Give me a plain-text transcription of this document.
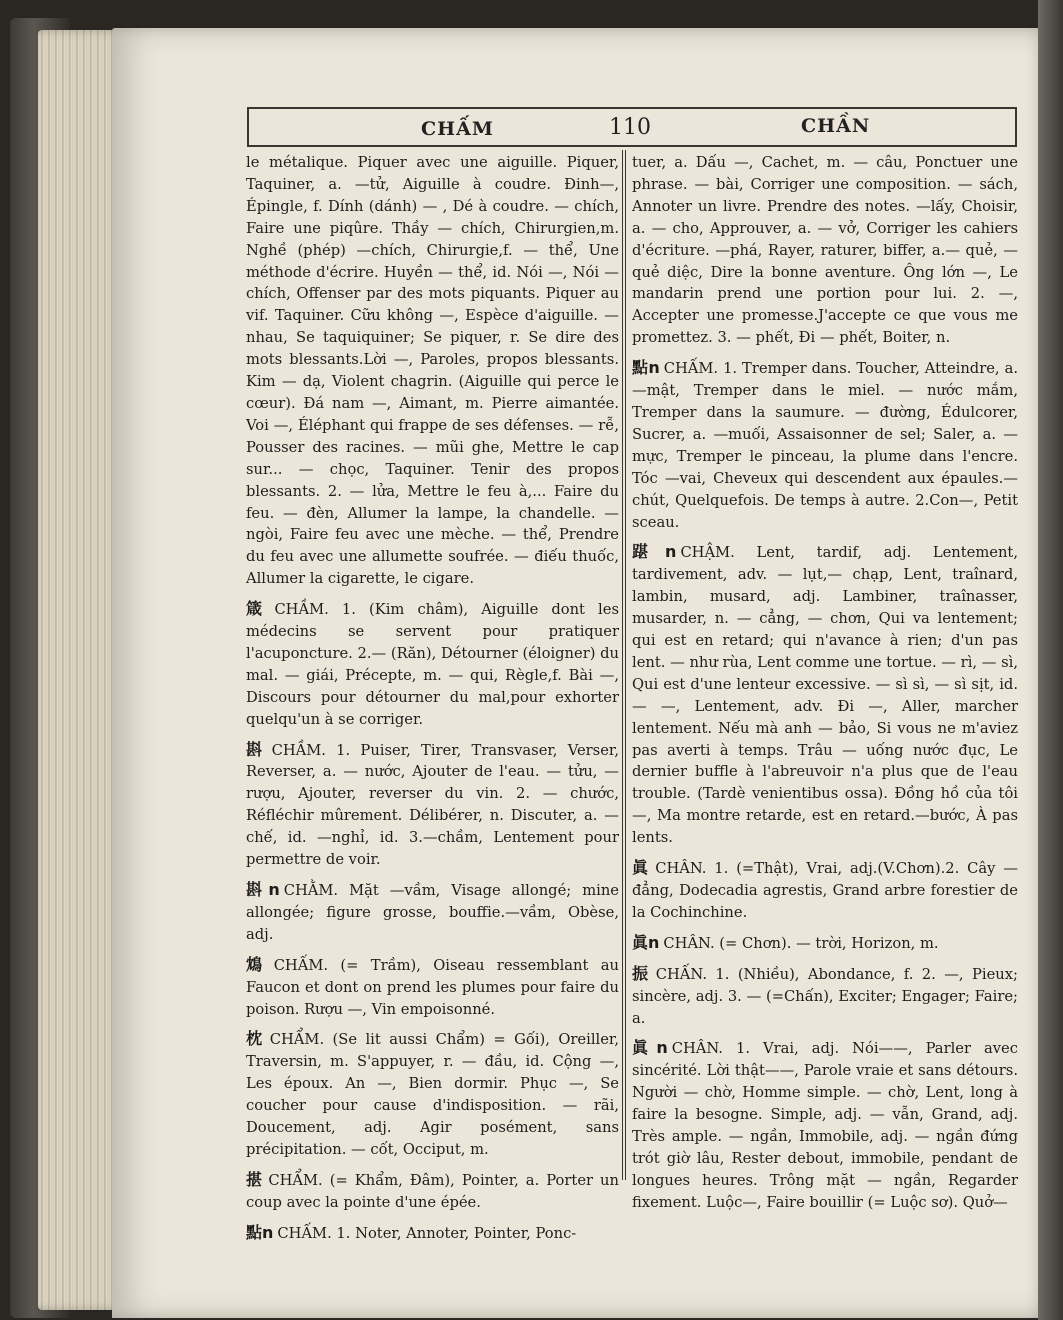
CHẤM	110	CHẦN

le métalique. Piquer avec une aiguille. Piquer, Taquiner, a. —tử, Aiguille à coudre. Đinh—, Épingle, f. Dính (dánh) — , Dé à coudre. — chích, Faire une piqûre. Thầy — chích, Chirurgien,m. Nghề (phép) —chích, Chirurgie,f. — thể, Une méthode d'écrire. Huyền — thể, id. Nói —, Nói — chích, Offenser par des mots piquants. Piquer au vif. Taquiner. Cữu không —, Espèce d'aiguille. — nhau, Se taquiquiner; Se piquer, r. Se dire des mots blessants.Lời —, Paroles, propos blessants. Kim — dạ, Violent chagrin. (Aiguille qui perce le cœur). Đá nam —, Aimant, m. Pierre aimantée. Voi —, Éléphant qui frappe de ses défenses. — rễ, Pousser des racines. — mũi ghe, Mettre le cap sur... — chọc, Taquiner. Tenir des propos blessants. 2. — lửa, Mettre le feu à,... Faire du feu. — đèn, Allumer la lampe, la chandelle. — ngòi, Faire feu avec une mèche. — thể, Prendre du feu avec une allumette soufrée. — điếu thuốc, Allumer la cigarette, le cigare.

箴 CHẦM. 1. (Kim châm), Aiguille dont les médecins se servent pour pratiquer l'acuponcture. 2.— (Răn), Détourner (éloigner) du mal. — giái, Précepte, m. — qui, Règle,f. Bài —, Discours pour détourner du mal,pour exhorter quelqu'un à se corriger.

斟 CHẦM. 1. Puiser, Tirer, Transvaser, Verser, Reverser, a. — nước, Ajouter de l'eau. — tửu, — rượu, Ajouter, reverser du vin. 2. — chước, Réfléchir mûrement. Délibérer, n. Discuter, a. —chế, id. —nghỉ, id. 3.—chầm, Lentement pour permettre de voir.

斟n CHẰM. Mặt —vầm, Visage allongé; mine allongée; figure grosse, bouffie.—vầm, Obèse, adj.

鴆 CHẤM. (= Trầm), Oiseau ressemblant au Faucon et dont on prend les plumes pour faire du poison. Rượu —, Vin empoisonné.

枕 CHẨM. (Se lit aussi Chẩm) = Gối), Oreiller, Traversin, m. S'appuyer, r. — đầu, id. Cộng —, Les époux. An —, Bien dormir. Phục —, Se coucher pour cause d'indisposition. — rãi, Doucement, adj. Agir posément, sans précipitation. — cốt, Occiput, m.

揕 CHẨM. (= Khẩm, Đâm), Pointer, a. Porter un coup avec la pointe d'une épée.

點n CHẤM. 1. Noter, Annoter, Pointer, Ponc-

tuer, a. Dấu —, Cachet, m. — câu, Ponctuer une phrase. — bài, Corriger une composition. — sách, Annoter un livre. Prendre des notes. —lấy, Choisir, a. — cho, Approuver, a. — vở, Corriger les cahiers d'écriture. —phá, Rayer, raturer, biffer, a.— quẻ, — quẻ diệc, Dire la bonne aventure. Ông lớn —, Le mandarin prend une portion pour lui. 2. —, Accepter une promesse.J'accepte ce que vous me promettez. 3. — phết, Đi — phết, Boiter, n.

點n CHẤM. 1. Tremper dans. Toucher, Atteindre, a.—mật, Tremper dans le miel. — nước mắm, Tremper dans la saumure. — đường, Édulcorer, Sucrer, a. —muối, Assaisonner de sel; Saler, a. — mực, Tremper le pinceau, la plume dans l'encre. Tóc —vai, Cheveux qui descendent aux épaules.— chút, Quelquefois. De temps à autre. 2.Con—, Petit sceau.

踸n CHẬM. Lent, tardif, adj. Lentement, tardivement, adv. — lụt,— chạp, Lent, traînard, lambin, musard, adj. Lambiner, traînasser, musarder, n. — cẳng, — chơn, Qui va lentement; qui est en retard; qui n'avance à rien; d'un pas lent. — như rùa, Lent comme une tortue. — rì, — sì, Qui est d'une lenteur excessive. — sì sì, — sì sịt, id. — —, Lentement, adv. Đi —, Aller, marcher lentement. Nếu mà anh — bảo, Si vous ne m'aviez pas averti à temps. Trâu — uống nước đục, Le dernier buffle à l'abreuvoir n'a plus que de l'eau trouble. (Tardè venientibus ossa). Đồng hồ của tôi —, Ma montre retarde, est en retard.—bước, À pas lents.

眞 CHÂN. 1. (=Thật), Vrai, adj.(V.Chơn).2. Cây — đẳng, Dodecadia agrestis, Grand arbre forestier de la Cochinchine.

眞n CHÂN. (= Chơn). — trời, Horizon, m.

振 CHẤN. 1. (Nhiều), Abondance, f. 2. —, Pieux; sincère, adj. 3. — (=Chấn), Exciter; Engager; Faire; a.

眞n CHÂN. 1. Vrai, adj. Nói——, Parler avec sincérité. Lời thật——, Parole vraie et sans détours. Người — chờ, Homme simple. — chờ, Lent, long à faire la besogne. Simple, adj. — vẫn, Grand, adj. Très ample. — ngần, Immobile, adj. — ngần đứng trót giờ lâu, Rester debout, immobile, pendant de longues heures. Trông mặt — ngần, Regarder fixement. Luộc—, Faire bouillir (= Luộc sơ). Quở—
